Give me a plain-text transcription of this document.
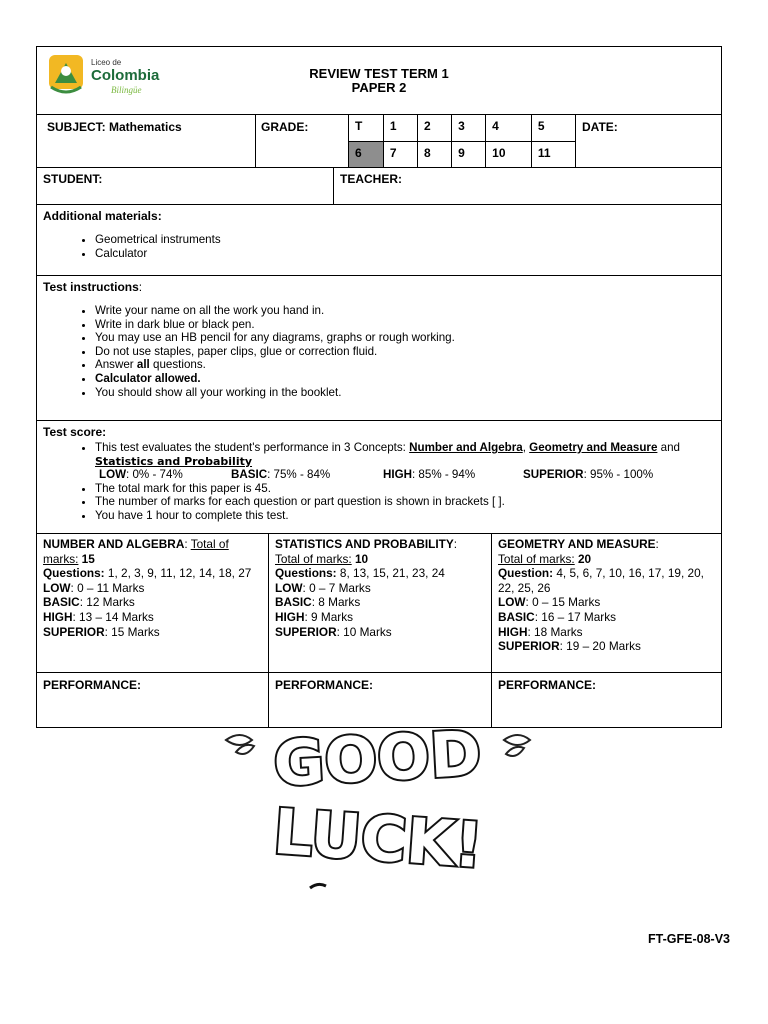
Liceo de
Colombia
Bilingüe
REVIEW TEST TERM 1
PAPER 2

SUBJECT: Mathematics	GRADE:		T	1	2	3	4	5
6	7	8	9	10	11
	DATE:

STUDENT:	TEACHER:

Additional materials:
• Geometrical instruments
• Calculator

Test instructions:
• Write your name on all the work you hand in.
• Write in dark blue or black pen.
• You may use an HB pencil for any diagrams, graphs or rough working.
• Do not use staples, paper clips, glue or correction fluid.
• Answer all questions.
• Calculator allowed.
• You should show all your working in the booklet.

Test score:
• This test evaluates the student's performance in 3 Concepts: Number and Algebra, Geometry and Measure and
Statistics and Probability
LOW: 0% - 74%	BASIC: 75% - 84%	HIGH: 85% - 94%	SUPERIOR: 95% - 100%
• The total mark for this paper is 45.
• The number of marks for each question or part question is shown in brackets [ ].
• You have 1 hour to complete this test.

NUMBER AND ALGEBRA: Total of marks: 15
Questions: 1, 2, 3, 9, 11, 12, 14, 18, 27
LOW: 0 – 11 Marks
BASIC: 12 Marks
HIGH: 13 – 14 Marks
SUPERIOR: 15 Marks	STATISTICS AND PROBABILITY:
Total of marks: 10
Questions: 8, 13, 15, 21, 23, 24
LOW: 0 – 7 Marks
BASIC: 8 Marks
HIGH: 9 Marks
SUPERIOR: 10 Marks	GEOMETRY AND MEASURE:
Total of marks: 20
Question: 4, 5, 6, 7, 10, 16, 17, 19, 20, 22, 25, 26
LOW: 0 – 15 Marks
BASIC: 16 – 17 Marks
HIGH: 18 Marks
SUPERIOR: 19 – 20 Marks
PERFORMANCE:	PERFORMANCE:	PERFORMANCE:
GOOD
LUCK!
FT-GFE-08-V3
